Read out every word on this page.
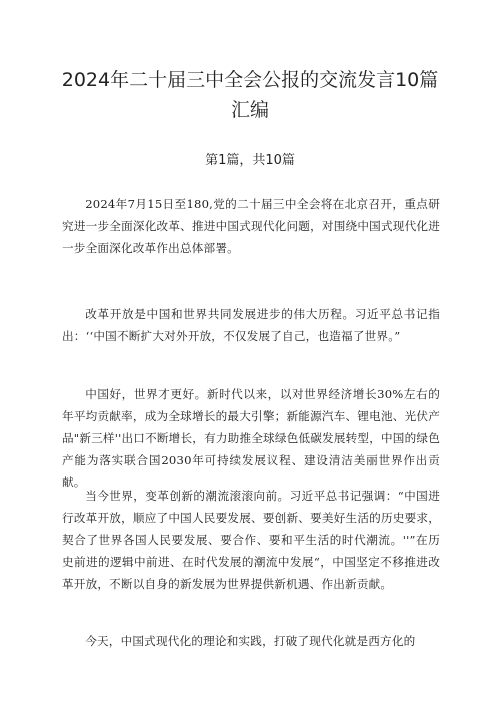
2024年二十届三中全会公报的交流发言10篇汇编
第1篇，共10篇

2024年7月15日至180,党的二十届三中全会将在北京召开，重点研究进一步全面深化改革、推进中国式现代化问题，对围绕中国式现代化进一步全面深化改革作出总体部署。

改革开放是中国和世界共同发展进步的伟大历程。习近平总书记指出：‘‘中国不断扩大对外开放，不仅发展了自己，也造福了世界。”

中国好，世界才更好。新时代以来，以对世界经济增长30%左右的年平均贡献率，成为全球增长的最大引擎；新能源汽车、锂电池、光伏产品"新三样''出口不断增长，有力助推全球绿色低碳发展转型，中国的绿色产能为落实联合国2030年可持续发展议程、建设清洁美丽世界作出贡献。

当今世界，变革创新的潮流滚滚向前。习近平总书记强调：“中国进行改革开放，顺应了中国人民要发展、要创新、要美好生活的历史要求，契合了世界各国人民要发展、要合作、要和平生活的时代潮流。''”在历史前进的逻辑中前进、在时代发展的潮流中发展“，中国坚定不移推进改革开放，不断以自身的新发展为世界提供新机遇、作出新贡献。

今天，中国式现代化的理论和实践，打破了现代化就是西方化的
